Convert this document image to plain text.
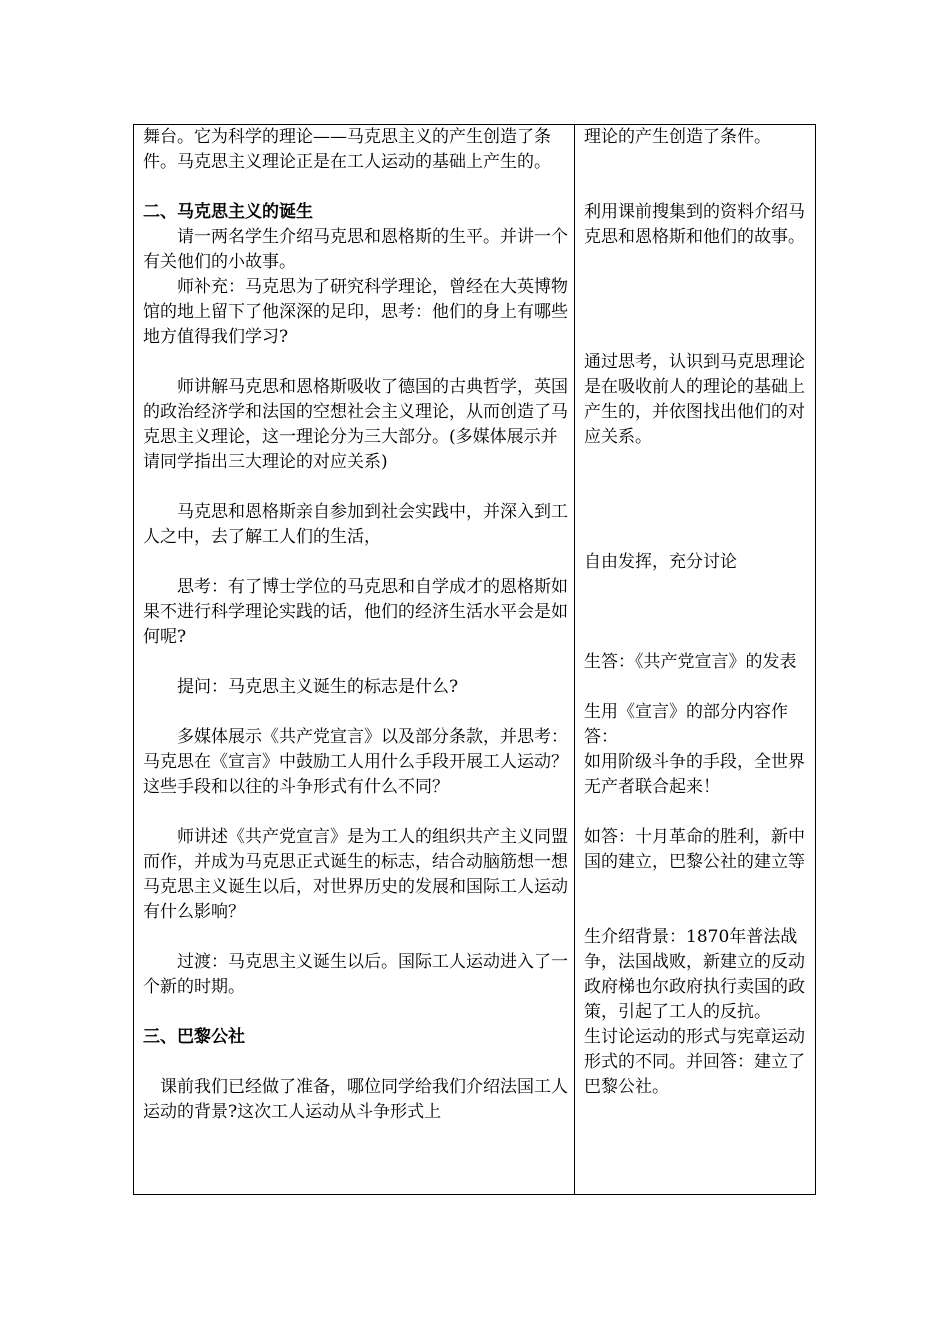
舞台。它为科学的理论——马克思主义的产生创造了条件。马克思主义理论正是在工人运动的基础上产生的。

二、马克思主义的诞生

请一两名学生介绍马克思和恩格斯的生平。并讲一个有关他们的小故事。

师补充：马克思为了研究科学理论，曾经在大英博物馆的地上留下了他深深的足印，思考：他们的身上有哪些地方值得我们学习?

师讲解马克思和恩格斯吸收了德国的古典哲学，英国的政治经济学和法国的空想社会主义理论，从而创造了马克思主义理论，这一理论分为三大部分。(多媒体展示并请同学指出三大理论的对应关系)

马克思和恩格斯亲自参加到社会实践中，并深入到工人之中，去了解工人们的生活，

思考：有了博士学位的马克思和自学成才的恩格斯如果不进行科学理论实践的话，他们的经济生活水平会是如何呢?

提问：马克思主义诞生的标志是什么?

多媒体展示《共产党宣言》以及部分条款，并思考：马克思在《宣言》中鼓励工人用什么手段开展工人运动？这些手段和以往的斗争形式有什么不同？

师讲述《共产党宣言》是为工人的组织共产主义同盟而作，并成为马克思正式诞生的标志，结合动脑筋想一想马克思主义诞生以后，对世界历史的发展和国际工人运动有什么影响？

过渡：马克思主义诞生以后。国际工人运动进入了一个新的时期。

三、巴黎公社

课前我们已经做了准备，哪位同学给我们介绍法国工人运动的背景?这次工人运动从斗争形式上

理论的产生创造了条件。

利用课前搜集到的资料介绍马克思和恩格斯和他们的故事。

通过思考，认识到马克思理论是在吸收前人的理论的基础上产生的，并依图找出他们的对应关系。

自由发挥，充分讨论

生答：《共产党宣言》的发表

生用《宣言》的部分内容作答：

如用阶级斗争的手段，全世界无产者联合起来！

如答：十月革命的胜利，新中国的建立，巴黎公社的建立等

生介绍背景：1870年普法战争，法国战败，新建立的反动政府梯也尔政府执行卖国的政策，引起了工人的反抗。

生讨论运动的形式与宪章运动形式的不同。并回答：建立了巴黎公社。
